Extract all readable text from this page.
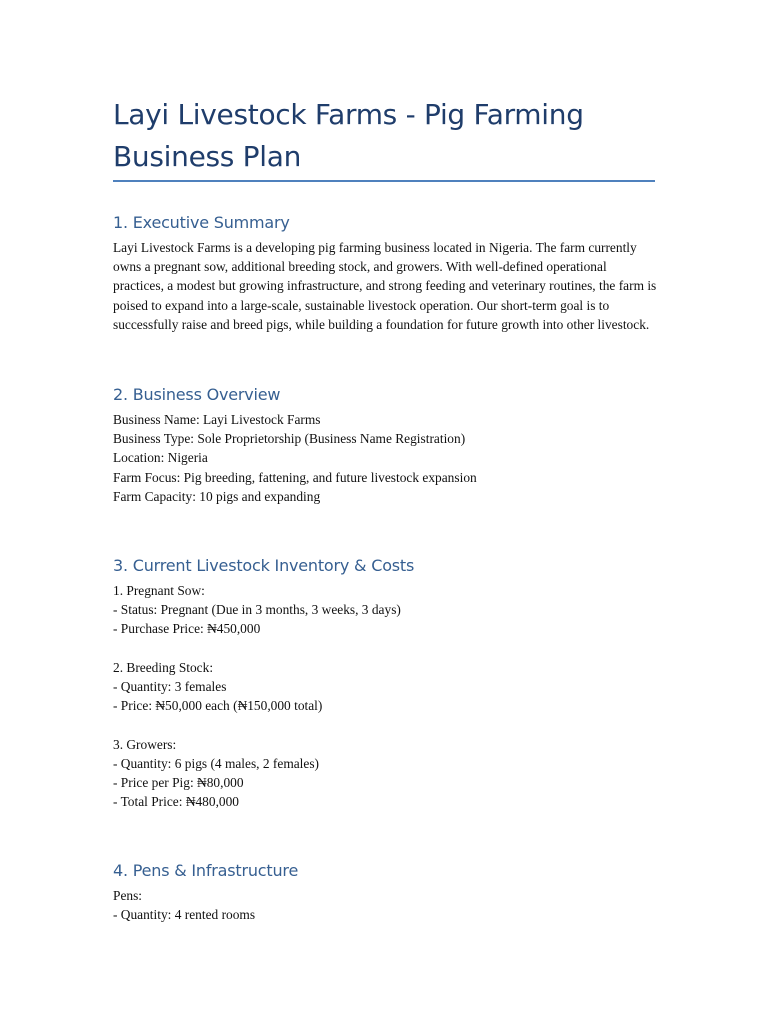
Layi Livestock Farms - Pig Farming Business Plan
1. Executive Summary

Layi Livestock Farms is a developing pig farming business located in Nigeria. The farm currently owns a pregnant sow, additional breeding stock, and growers. With well-defined operational practices, a modest but growing infrastructure, and strong feeding and veterinary routines, the farm is poised to expand into a large-scale, sustainable livestock operation. Our short-term goal is to successfully raise and breed pigs, while building a foundation for future growth into other livestock.

2. Business Overview
Business Name: Layi Livestock Farms
Business Type: Sole Proprietorship (Business Name Registration)
Location: Nigeria
Farm Focus: Pig breeding, fattening, and future livestock expansion
Farm Capacity: 10 pigs and expanding
3. Current Livestock Inventory & Costs
1. Pregnant Sow:
- Status: Pregnant (Due in 3 months, 3 weeks, 3 days)
- Purchase Price: ₦450,000
2. Breeding Stock:
- Quantity: 3 females
- Price: ₦50,000 each (₦150,000 total)
3. Growers:
- Quantity: 6 pigs (4 males, 2 females)
- Price per Pig: ₦80,000
- Total Price: ₦480,000
4. Pens & Infrastructure
Pens:
- Quantity: 4 rented rooms
